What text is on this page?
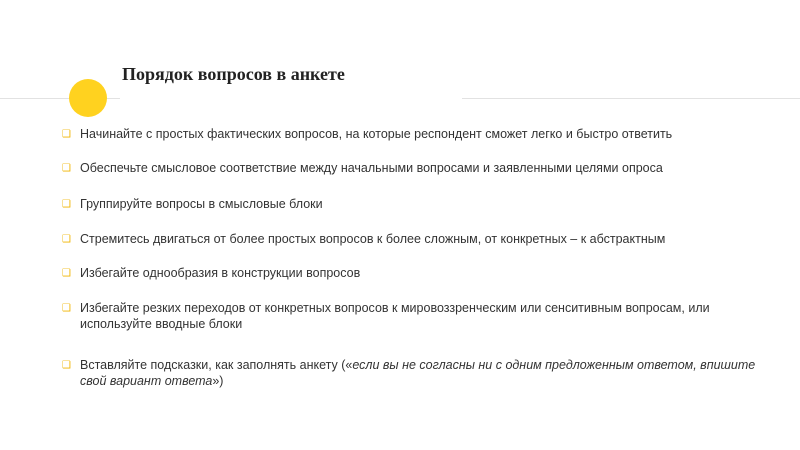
Порядок вопросов в анкете
❑ Начинайте с простых фактических вопросов, на которые респондент сможет легко и быстро ответить
❑ Обеспечьте смысловое соответствие между начальными вопросами и заявленными целями опроса
❑ Группируйте вопросы в смысловые блоки
❑ Стремитесь двигаться от более простых вопросов к более сложным, от конкретных – к абстрактным
❑ Избегайте однообразия в конструкции вопросов
❑ Избегайте резких переходов от конкретных вопросов к мировоззренческим или сенситивным вопросам, или используйте вводные блоки
❑ Вставляйте подсказки, как заполнять анкету («если вы не согласны ни с одним предложенным ответом, впишите свой вариант ответа»)
